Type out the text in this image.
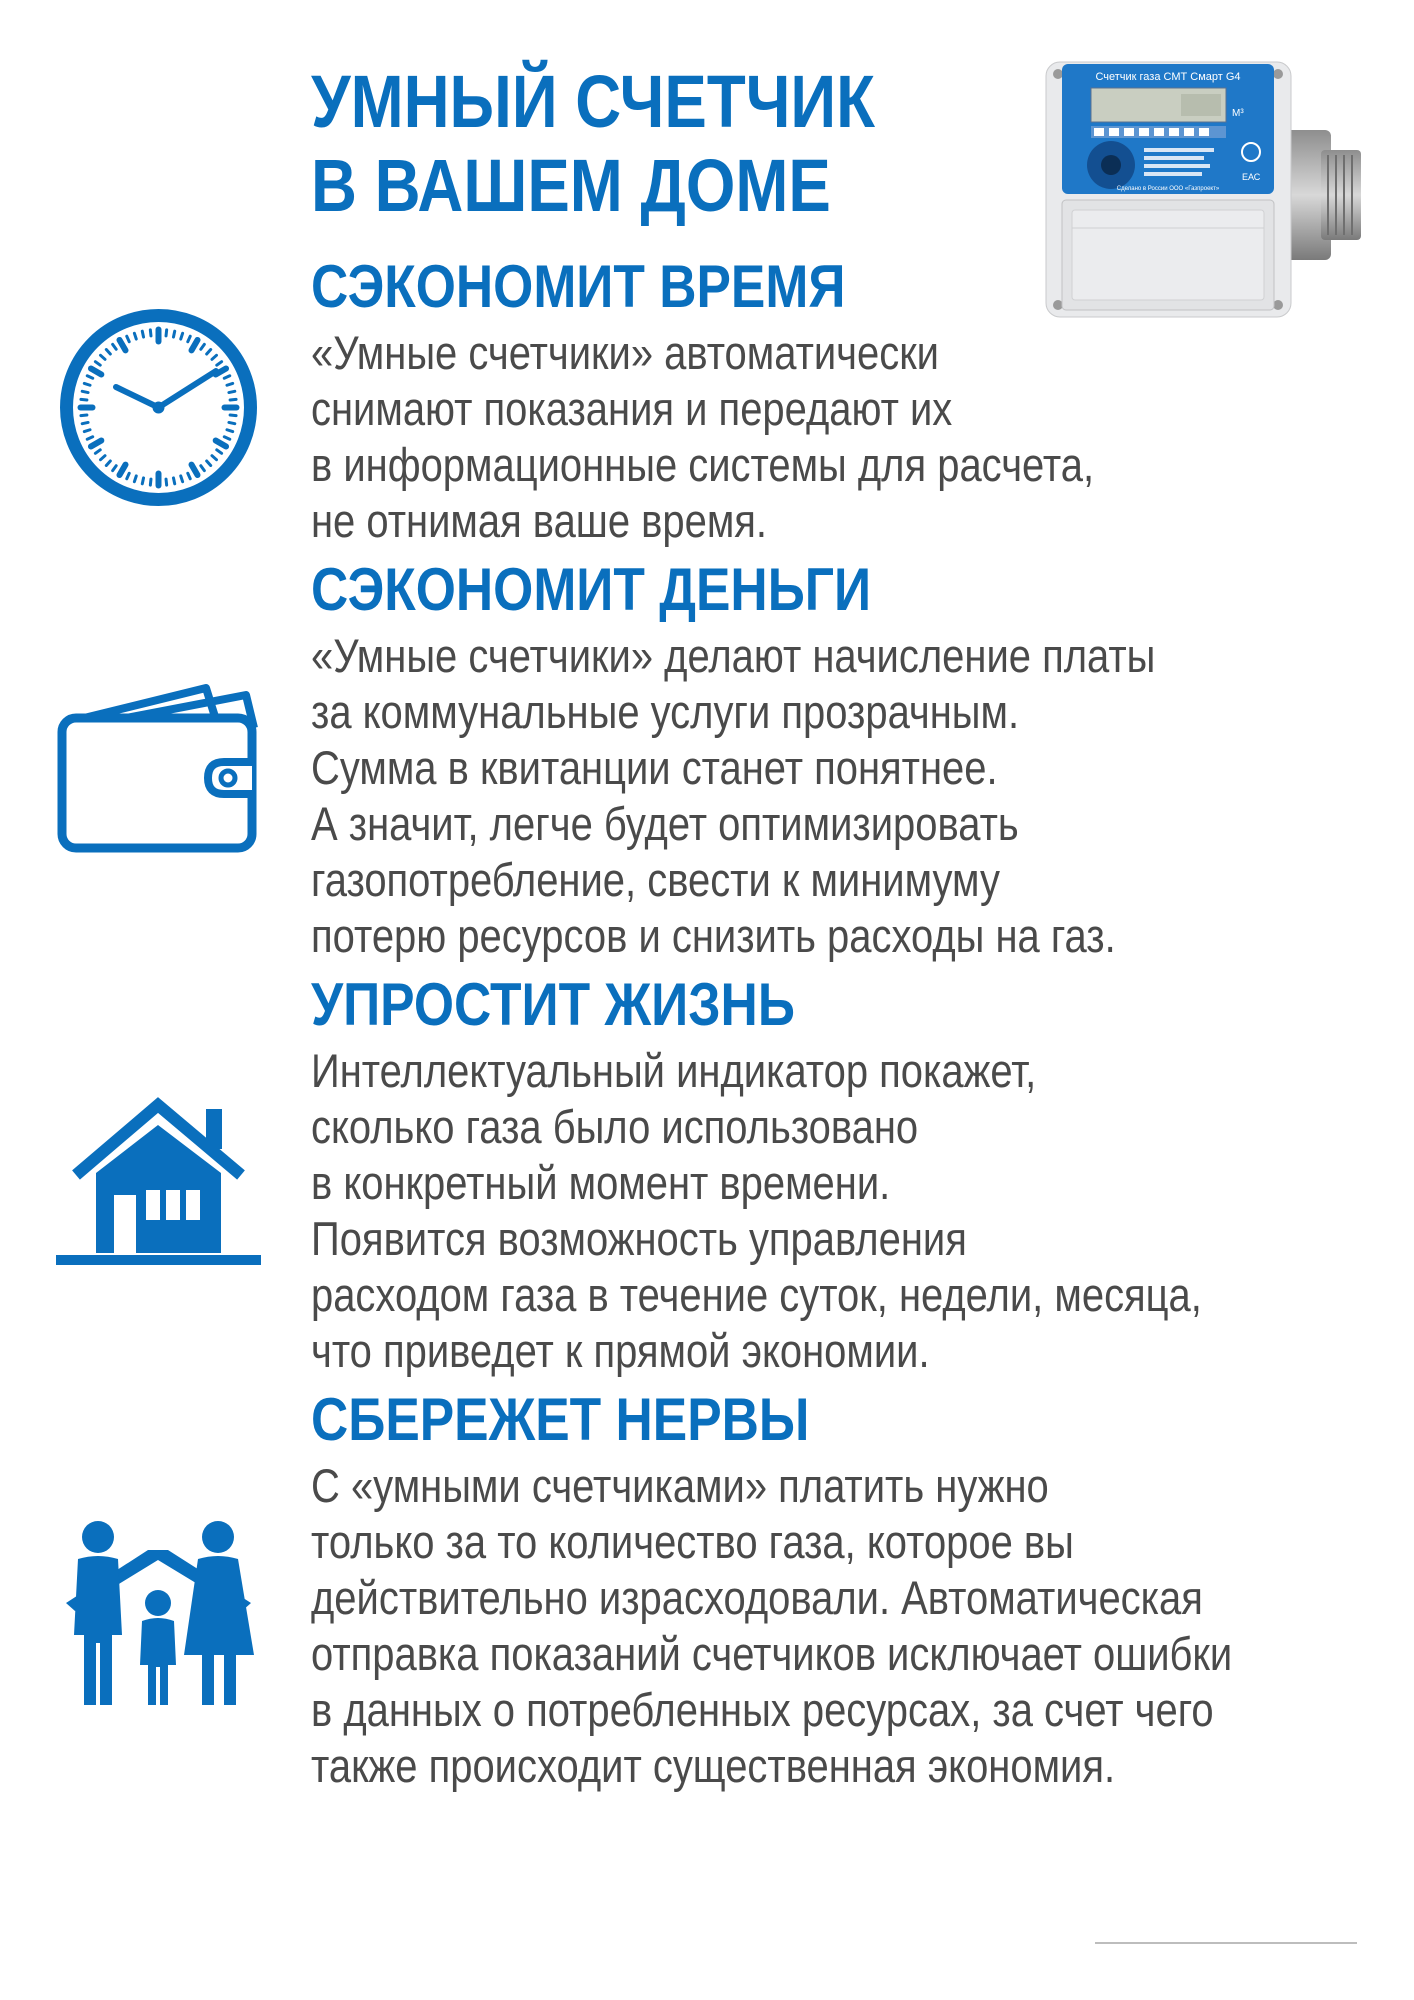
УМНЫЙ СЧЕТЧИК
В ВАШЕМ ДОМЕ
Счетчик газа СМТ Смарт G4
М³
ЕАС
Сделано в России ООО «Газпроект»
СЭКОНОМИТ ВРЕМЯ

«Умные счетчики» автоматически
снимают показания и передают их
в информационные системы для расчета,
не отнимая ваше время.

СЭКОНОМИТ ДЕНЬГИ

«Умные счетчики» делают начисление платы
за коммунальные услуги прозрачным.
Сумма в квитанции станет понятнее.
А значит, легче будет оптимизировать
газопотребление, свести к минимуму
потерю ресурсов и снизить расходы на газ.

УПРОСТИТ ЖИЗНЬ

Интеллектуальный индикатор покажет,
сколько газа было использовано
в конкретный момент времени.
Появится возможность управления
расходом газа в течение суток, недели, месяца,
что приведет к прямой экономии.

СБЕРЕЖЕТ НЕРВЫ

С «умными счетчиками» платить нужно
только за то количество газа, которое вы
действительно израсходовали. Автоматическая
отправка показаний счетчиков исключает ошибки
в данных о потребленных ресурсах, за счет чего
также происходит существенная экономия.
